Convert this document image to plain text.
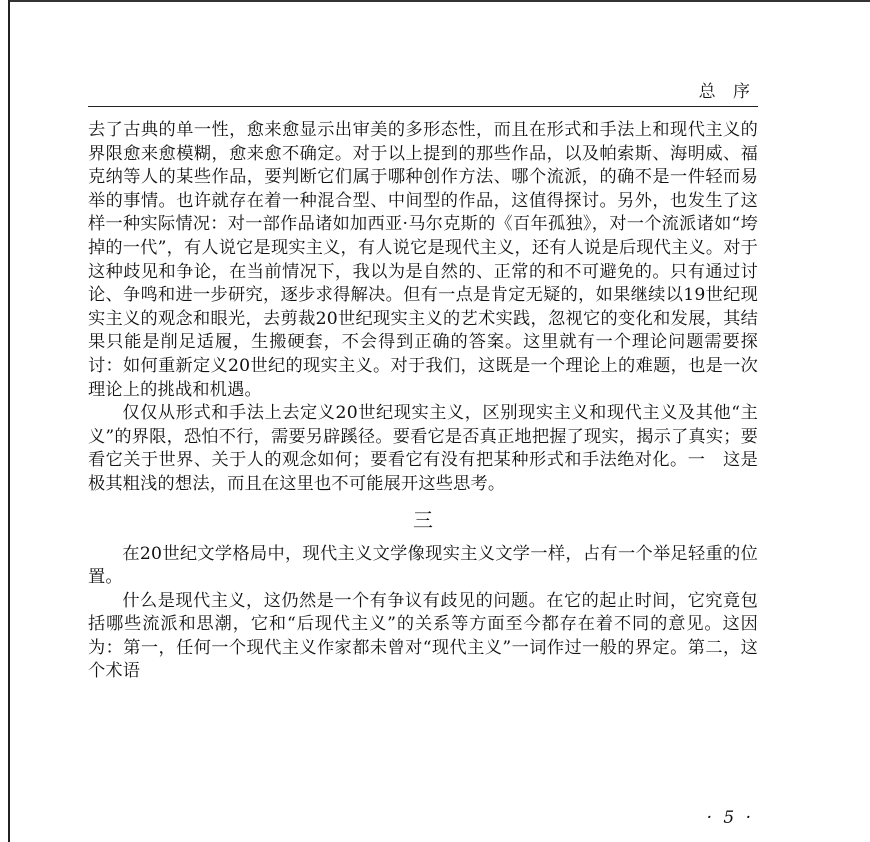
总 序

去了古典的单一性，愈来愈显示出审美的多形态性，而且在形式和手法上和现代主义的界限愈来愈模糊，愈来愈不确定。对于以上提到的那些作品，以及帕索斯、海明威、福克纳等人的某些作品，要判断它们属于哪种创作方法、哪个流派，的确不是一件轻而易举的事情。也许就存在着一种混合型、中间型的作品，这值得探讨。另外，也发生了这样一种实际情况：对一部作品诸如加西亚·马尔克斯的《百年孤独》，对一个流派诸如“垮掉的一代”，有人说它是现实主义，有人说它是现代主义，还有人说是后现代主义。对于这种歧见和争论，在当前情况下，我以为是自然的、正常的和不可避免的。只有通过讨论、争鸣和进一步研究，逐步求得解决。但有一点是肯定无疑的，如果继续以19世纪现实主义的观念和眼光，去剪裁20世纪现实主义的艺术实践，忽视它的变化和发展，其结果只能是削足适履，生搬硬套，不会得到正确的答案。这里就有一个理论问题需要探讨：如何重新定义20世纪的现实主义。对于我们，这既是一个理论上的难题，也是一次理论上的挑战和机遇。

仅仅从形式和手法上去定义20世纪现实主义，区别现实主义和现代主义及其他“主义”的界限，恐怕不行，需要另辟蹊径。要看它是否真正地把握了现实，揭示了真实；要看它关于世界、关于人的观念如何；要看它有没有把某种形式和手法绝对化。一　这是极其粗浅的想法，而且在这里也不可能展开这些思考。

三

在20世纪文学格局中，现代主义文学像现实主义文学一样，占有一个举足轻重的位置。

什么是现代主义，这仍然是一个有争议有歧见的问题。在它的起止时间，它究竟包括哪些流派和思潮，它和“后现代主义”的关系等方面至今都存在着不同的意见。这因为：第一，任何一个现代主义作家都未曾对“现代主义”一词作过一般的界定。第二，这个术语

· 5 ·
